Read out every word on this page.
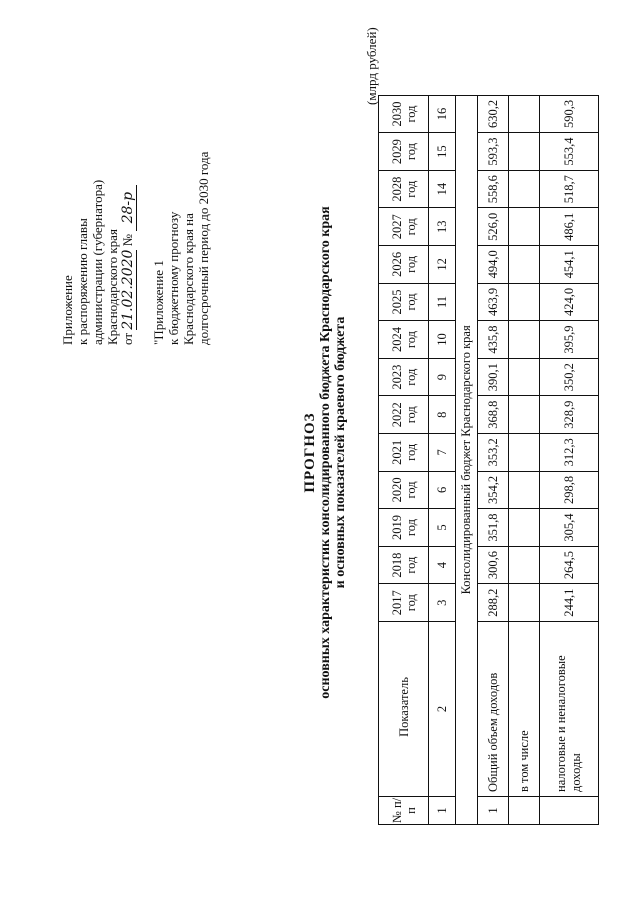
Приложение к распоряжению главы администрации (губернатора) Краснодарского края от 21.02.2020 № 28-р
"Приложение 1 к бюджетному прогнозу Краснодарского края на долгосрочный период до 2030 года
ПРОГНОЗ основных характеристик консолидированного бюджета Краснодарского края и основных показателей краевого бюджета
(млрд рублей)
№ п/п	Показатель	2017 год	2018 год	2019 год	2020 год	2021 год	2022 год	2023 год	2024 год	2025 год	2026 год	2027 год	2028 год	2029 год	2030 год
1	2	3	4	5	6	7	8	9	10	11	12	13	14	15	16
Консолидированный бюджет Краснодарского края															
1	Общий объем доходов	288,2	300,6	351,8	354,2	353,2	368,8	390,1	435,8	463,9	494,0	526,0	558,6	593,3	630,2
	в том числе														
	налоговые и неналоговые доходы	244,1	264,5	305,4	298,8	312,3	328,9	350,2	395,9	424,0	454,1	486,1	518,7	553,4	590,3
